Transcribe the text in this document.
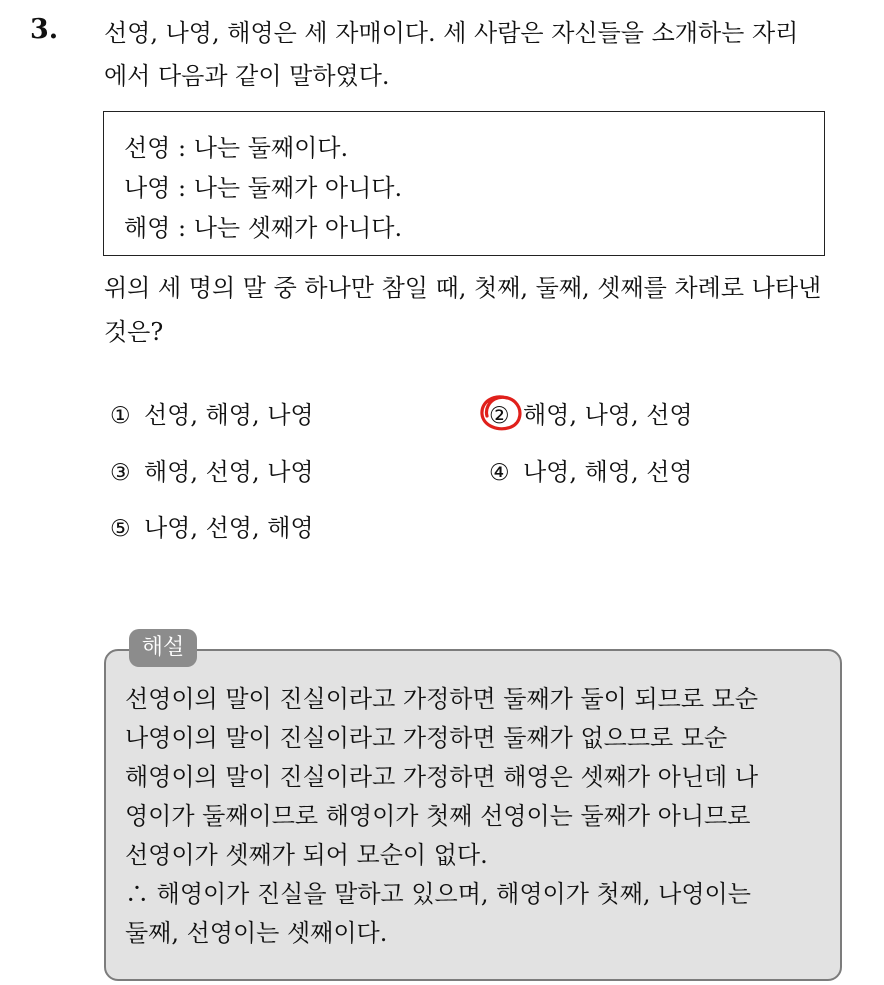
3. 선영, 나영, 해영은 세 자매이다. 세 사람은 자신들을 소개하는 자리
에서 다음과 같이 말하였다.
선영 : 나는 둘째이다.
나영 : 나는 둘째가 아니다.
해영 : 나는 셋째가 아니다.
위의 세 명의 말 중 하나만 참일 때, 첫째, 둘째, 셋째를 차례로 나타낸
것은?
① 선영, 해영, 나영	② 해영, 나영, 선영
③ 해영, 선영, 나영	④ 나영, 해영, 선영
⑤ 나영, 선영, 해영
해설
선영이의 말이 진실이라고 가정하면 둘째가 둘이 되므로 모순
나영이의 말이 진실이라고 가정하면 둘째가 없으므로 모순
해영이의 말이 진실이라고 가정하면 해영은 셋째가 아닌데 나
영이가 둘째이므로 해영이가 첫째 선영이는 둘째가 아니므로
선영이가 셋째가 되어 모순이 없다.
∴ 해영이가 진실을 말하고 있으며, 해영이가 첫째, 나영이는
둘째, 선영이는 셋째이다.
